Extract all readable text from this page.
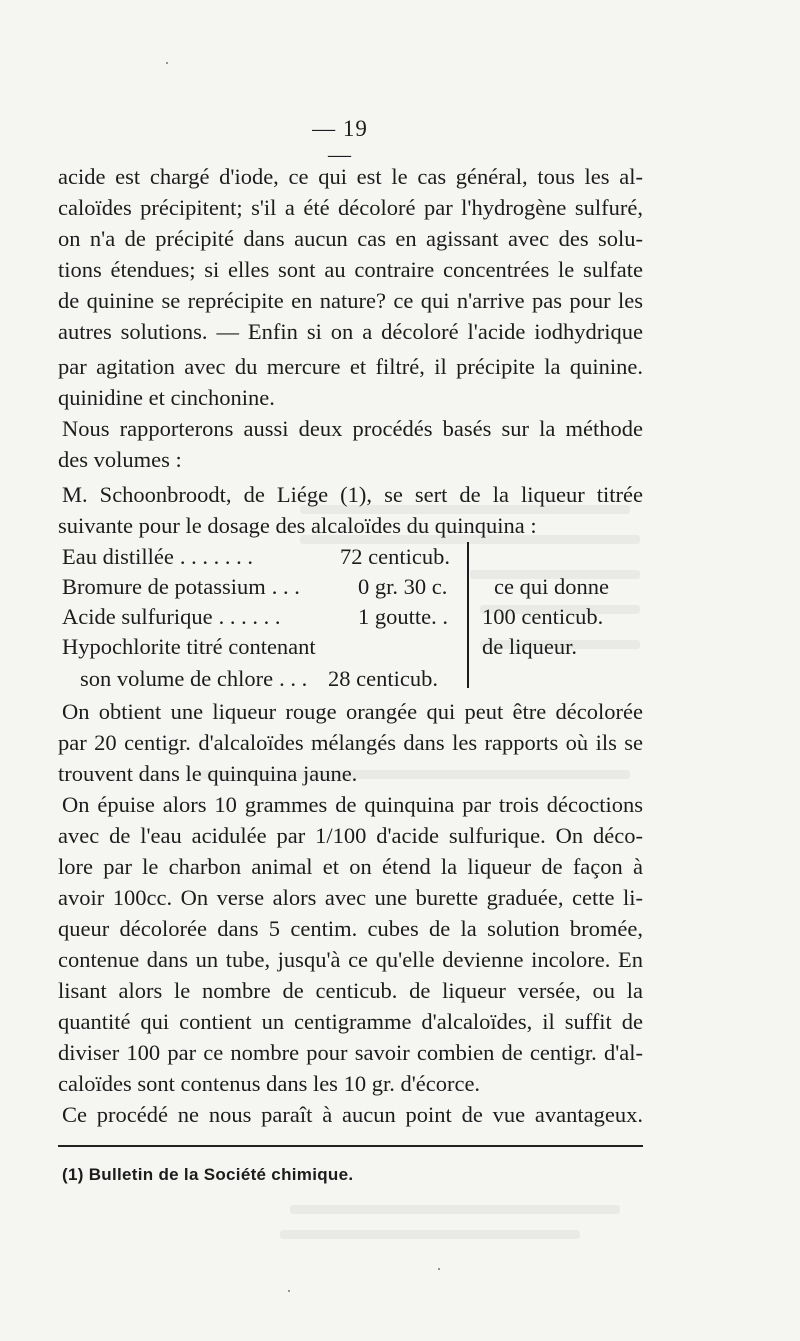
— 19 —
acide est chargé d'iode, ce qui est le cas général, tous les al-
caloïdes précipitent; s'il a été décoloré par l'hydrogène sulfuré,
on n'a de précipité dans aucun cas en agissant avec des solu-
tions étendues; si elles sont au contraire concentrées le sulfate
de quinine se reprécipite en nature? ce qui n'arrive pas pour les
autres solutions. — Enfin si on a décoloré l'acide iodhydrique
par agitation avec du mercure et filtré, il précipite la quinine.
quinidine et cinchonine.
Nous rapporterons aussi deux procédés basés sur la méthode
des volumes :
M. Schoonbroodt, de Liége (1), se sert de la liqueur titrée
suivante pour le dosage des alcaloïdes du quinquina :
Eau distillée . . . . . . .	72 centicub.
Bromure de potassium . . .	0 gr. 30 c.
Acide sulfurique . . . . . .	1 goutte. .
Hypochlorite titré contenant
son volume de chlore . . . 28 centicub.
ce qui donne
100 centicub.
de liqueur.
On obtient une liqueur rouge orangée qui peut être décolorée
par 20 centigr. d'alcaloïdes mélangés dans les rapports où ils se
trouvent dans le quinquina jaune.
On épuise alors 10 grammes de quinquina par trois décoctions
avec de l'eau acidulée par 1/100 d'acide sulfurique. On déco-
lore par le charbon animal et on étend la liqueur de façon à
avoir 100cc. On verse alors avec une burette graduée, cette li-
queur décolorée dans 5 centim. cubes de la solution bromée,
contenue dans un tube, jusqu'à ce qu'elle devienne incolore. En
lisant alors le nombre de centicub. de liqueur versée, ou la
quantité qui contient un centigramme d'alcaloïdes, il suffit de
diviser 100 par ce nombre pour savoir combien de centigr. d'al-
caloïdes sont contenus dans les 10 gr. d'écorce.
Ce procédé ne nous paraît à aucun point de vue avantageux.
(1) Bulletin de la Société chimique.
